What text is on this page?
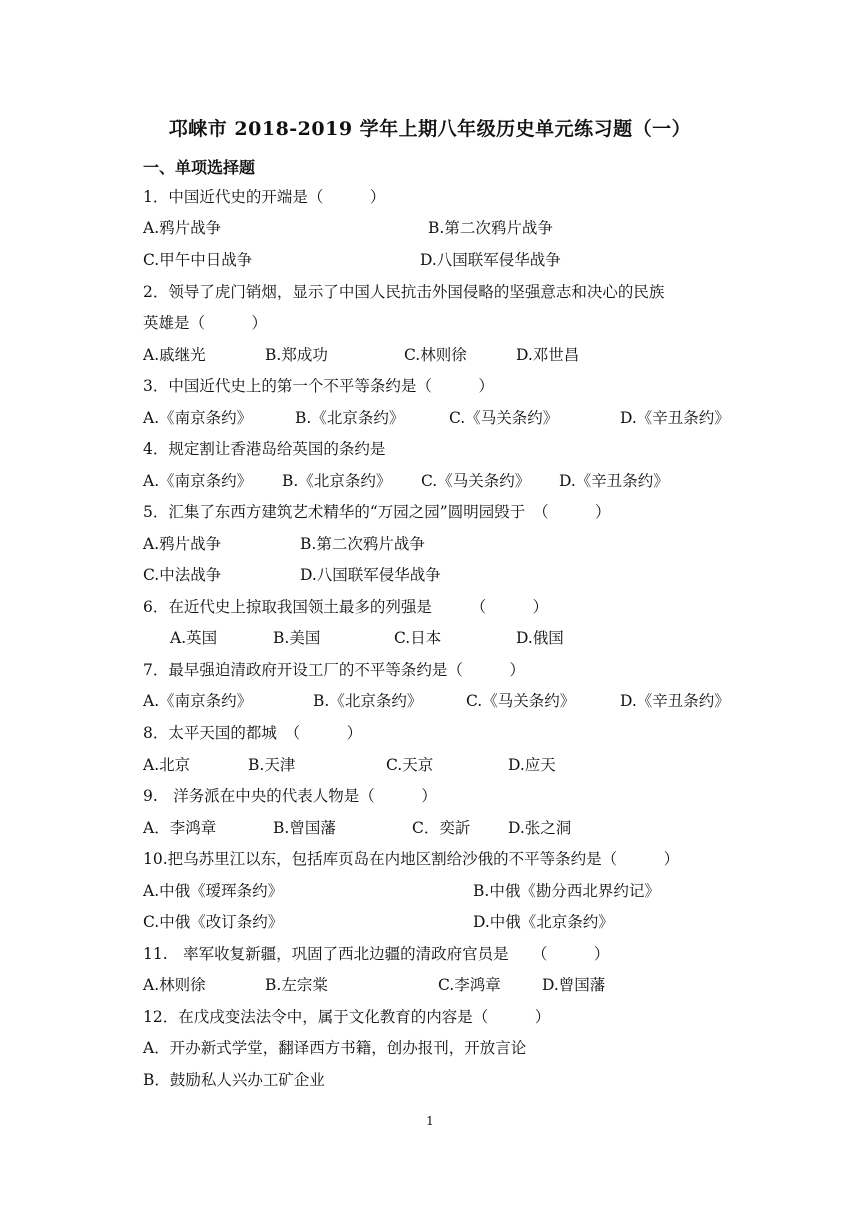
邛崃市 2018-2019 学年上期八年级历史单元练习题（一）
一、单项选择题
1．中国近代史的开端是（　　　）
A.鸦片战争	B.第二次鸦片战争
C.甲午中日战争	D.八国联军侵华战争
2．领导了虎门销烟，显示了中国人民抗击外国侵略的坚强意志和决心的民族
英雄是（　　　）
A.戚继光	B.郑成功	C.林则徐	D.邓世昌
3．中国近代史上的第一个不平等条约是（　　　）
A.《南京条约》	B.《北京条约》	C.《马关条约》	D.《辛丑条约》
4．规定割让香港岛给英国的条约是
A.《南京条约》 B.《北京条约》 C.《马关条约》 D.《辛丑条约》
5．汇集了东西方建筑艺术精华的“万园之园”圆明园毁于　（　　　）
A.鸦片战争	B.第二次鸦片战争
C.中法战争	D.八国联军侵华战争
6．在近代史上掠取我国领土最多的列强是　　　（　　　）
A.英国	B.美国	C.日本	D.俄国
7．最早强迫清政府开设工厂的不平等条约是（　　　）
A.《南京条约》	B.《北京条约》	C.《马关条约》	D.《辛丑条约》
8．太平天国的都城　（　　　）
A.北京	B.天津	C.天京	D.应天
9.　洋务派在中央的代表人物是（　　　）
A．李鸿章	B.曾国藩	C．奕訢 D.张之洞
10.把乌苏里江以东，包括库页岛在内地区割给沙俄的不平等条约是（　　　）
A.中俄《瑷珲条约》	B.中俄《勘分西北界约记》
C.中俄《改订条约》	D.中俄《北京条约》
11.　率军收复新疆，巩固了西北边疆的清政府官员是　　（　　　）
A.林则徐	B.左宗棠	C.李鸿章	D.曾国藩
12．在戊戌变法法令中，属于文化教育的内容是（　　　）
A．开办新式学堂，翻译西方书籍，创办报刊，开放言论
B．鼓励私人兴办工矿企业
1
